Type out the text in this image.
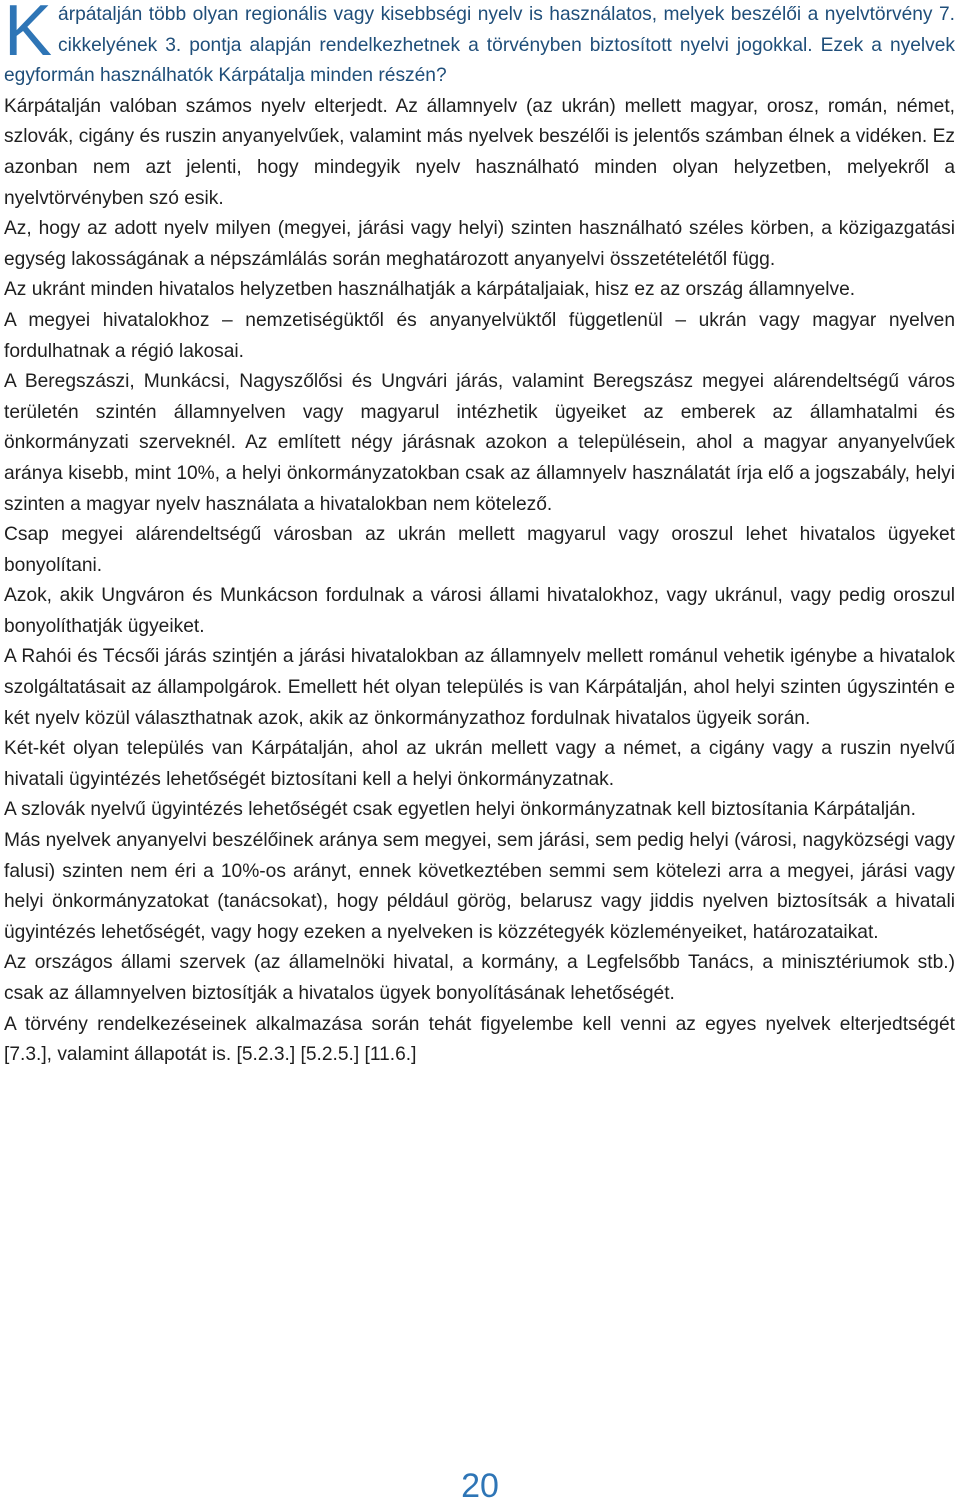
K árpátalján több olyan regionális vagy kisebbségi nyelv is használatos, melyek beszélői a nyelvtörvény 7. cikkelyének 3. pontja alapján rendelkezhetnek a törvényben biztosított nyelvi jogokkal. Ezek a nyelvek egyformán használhatók Kárpátalja minden részén?

Kárpátalján valóban számos nyelv elterjedt. Az államnyelv (az ukrán) mellett magyar, orosz, román, német, szlovák, cigány és ruszin anyanyelvűek, valamint más nyelvek beszélői is jelentős számban élnek a vidéken. Ez azonban nem azt jelenti, hogy mindegyik nyelv használható minden olyan helyzetben, melyekről a nyelvtörvényben szó esik.

Az, hogy az adott nyelv milyen (megyei, járási vagy helyi) szinten használható széles körben, a közigazgatási egység lakosságának a népszámlálás során meghatározott anyanyelvi összetételétől függ.

Az ukránt minden hivatalos helyzetben használhatják a kárpátaljaiak, hisz ez az ország államnyelve.

A megyei hivatalokhoz – nemzetiségüktől és anyanyelvüktől függetlenül – ukrán vagy magyar nyelven fordulhatnak a régió lakosai.

A Beregszászi, Munkácsi, Nagyszőlősi és Ungvári járás, valamint Beregszász megyei alárendeltségű város területén szintén államnyelven vagy magyarul intézhetik ügyeiket az emberek az államhatalmi és önkormányzati szerveknél. Az említett négy járásnak azokon a településein, ahol a magyar anyanyelvűek aránya kisebb, mint 10%, a helyi önkormányzatokban csak az államnyelv használatát írja elő a jogszabály, helyi szinten a magyar nyelv használata a hivatalokban nem kötelező.

Csap megyei alárendeltségű városban az ukrán mellett magyarul vagy oroszul lehet hivatalos ügyeket bonyolítani.

Azok, akik Ungváron és Munkácson fordulnak a városi állami hivatalokhoz, vagy ukránul, vagy pedig oroszul bonyolíthatják ügyeiket.

A Rahói és Técsői járás szintjén a járási hivatalokban az államnyelv mellett románul vehetik igénybe a hivatalok szolgáltatásait az állampolgárok. Emellett hét olyan település is van Kárpátalján, ahol helyi szinten úgyszintén e két nyelv közül választhatnak azok, akik az önkormányzathoz fordulnak hivatalos ügyeik során.

Két-két olyan település van Kárpátalján, ahol az ukrán mellett vagy a német, a cigány vagy a ruszin nyelvű hivatali ügyintézés lehetőségét biztosítani kell a helyi önkormányzatnak.

A szlovák nyelvű ügyintézés lehetőségét csak egyetlen helyi önkormányzatnak kell biztosítania Kárpátalján.

Más nyelvek anyanyelvi beszélőinek aránya sem megyei, sem járási, sem pedig helyi (városi, nagyközségi vagy falusi) szinten nem éri a 10%-os arányt, ennek következtében semmi sem kötelezi arra a megyei, járási vagy helyi önkormányzatokat (tanácsokat), hogy például görög, belarusz vagy jiddis nyelven biztosítsák a hivatali ügyintézés lehetőségét, vagy hogy ezeken a nyelveken is közzétegyék közleményeiket, határozataikat.

Az országos állami szervek (az államelnöki hivatal, a kormány, a Legfelsőbb Tanács, a minisztériumok stb.) csak az államnyelven biztosítják a hivatalos ügyek bonyolításának lehetőségét.

A törvény rendelkezéseinek alkalmazása során tehát figyelembe kell venni az egyes nyelvek elterjedtségét [7.3.], valamint állapotát is. [5.2.3.] [5.2.5.] [11.6.]

20
